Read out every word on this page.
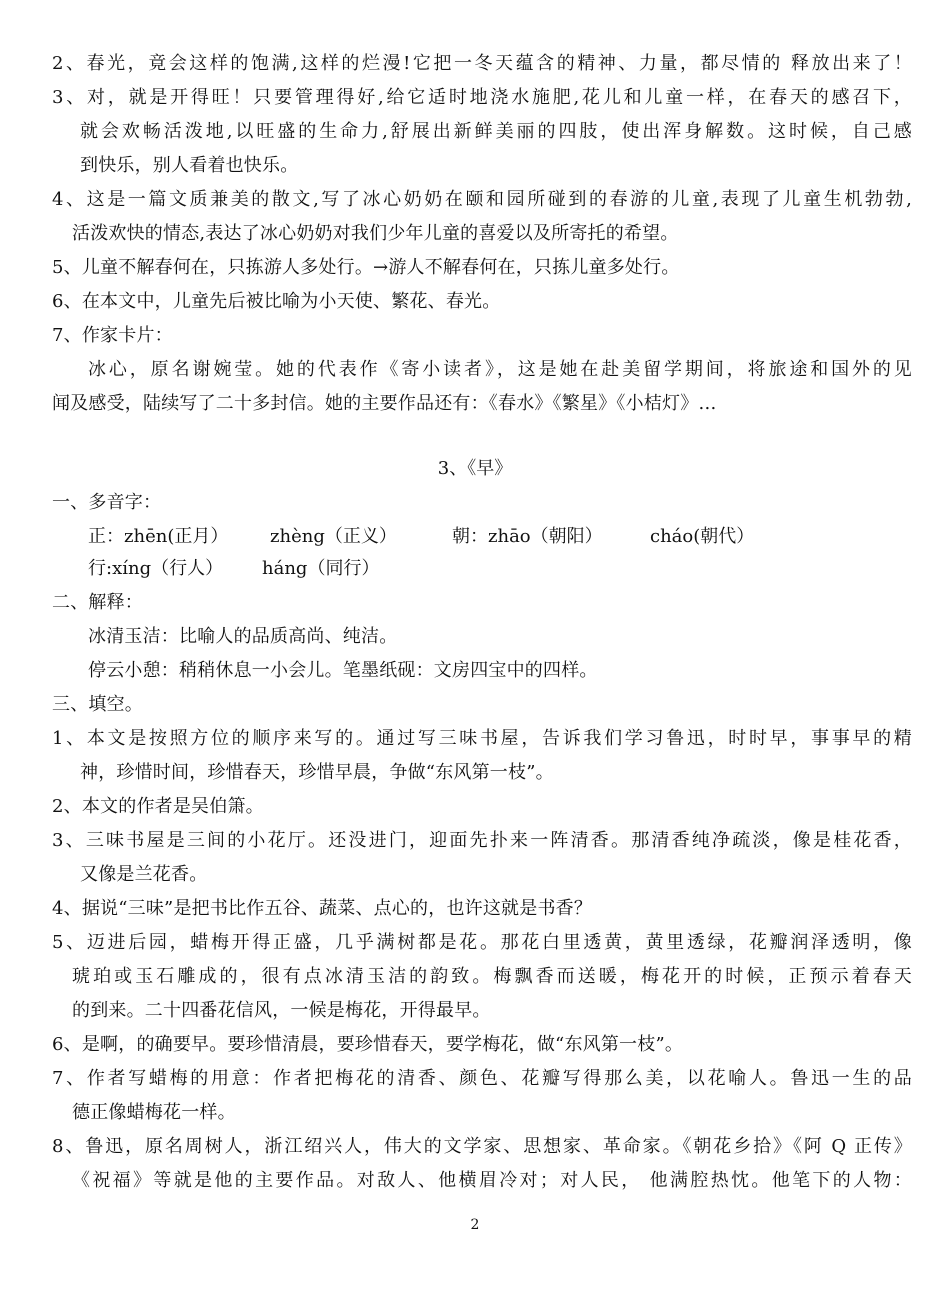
2、春光，竟会这样的饱满,这样的烂漫!它把一冬天蕴含的精神、力量，都尽情的 释放出来了！
3、对，就是开得旺！只要管理得好,给它适时地浇水施肥,花儿和儿童一样，在春天的感召下，
就会欢畅活泼地,以旺盛的生命力,舒展出新鲜美丽的四肢，使出浑身解数。这时候，自己感
到快乐，别人看着也快乐。
4、这是一篇文质兼美的散文,写了冰心奶奶在颐和园所碰到的春游的儿童,表现了儿童生机勃勃,
活泼欢快的情态,表达了冰心奶奶对我们少年儿童的喜爱以及所寄托的希望。
5、儿童不解春何在，只拣游人多处行。→游人不解春何在，只拣儿童多处行。
6、在本文中，儿童先后被比喻为小天使、繁花、春光。
7、作家卡片：
冰心，原名谢婉莹。她的代表作《寄小读者》，这是她在赴美留学期间，将旅途和国外的见
闻及感受，陆续写了二十多封信。她的主要作品还有：《春水》《繁星》《小桔灯》…
3、《早》
一、多音字：
正：zhēn(正月） zhèng（正义）	朝：zhāo（朝阳）	cháo(朝代）
行:xíng（行人） háng（同行）
二、解释：
冰清玉洁：比喻人的品质高尚、纯洁。
停云小憩：稍稍休息一小会儿。笔墨纸砚：文房四宝中的四样。
三、填空。
1、本文是按照方位的顺序来写的。通过写三味书屋，告诉我们学习鲁迅，时时早，事事早的精
神，珍惜时间，珍惜春天，珍惜早晨，争做“东风第一枝”。
2、本文的作者是吴伯箫。
3、三味书屋是三间的小花厅。还没进门，迎面先扑来一阵清香。那清香纯净疏淡，像是桂花香，
又像是兰花香。
4、据说“三味”是把书比作五谷、蔬菜、点心的，也许这就是书香？
5、迈进后园，蜡梅开得正盛，几乎满树都是花。那花白里透黄，黄里透绿，花瓣润泽透明，像
琥珀或玉石雕成的，很有点冰清玉洁的韵致。梅飘香而送暖，梅花开的时候，正预示着春天
的到来。二十四番花信风，一候是梅花，开得最早。
6、是啊，的确要早。要珍惜清晨，要珍惜春天，要学梅花，做“东风第一枝”。
7、作者写蜡梅的用意：作者把梅花的清香、颜色、花瓣写得那么美，以花喻人。鲁迅一生的品
德正像蜡梅花一样。
8、鲁迅，原名周树人，浙江绍兴人，伟大的文学家、思想家、革命家。《朝花乡拾》《阿 Q 正传》
《祝福》等就是他的主要作品。对敌人、他横眉冷对；对人民， 他满腔热忱。他笔下的人物：
2
